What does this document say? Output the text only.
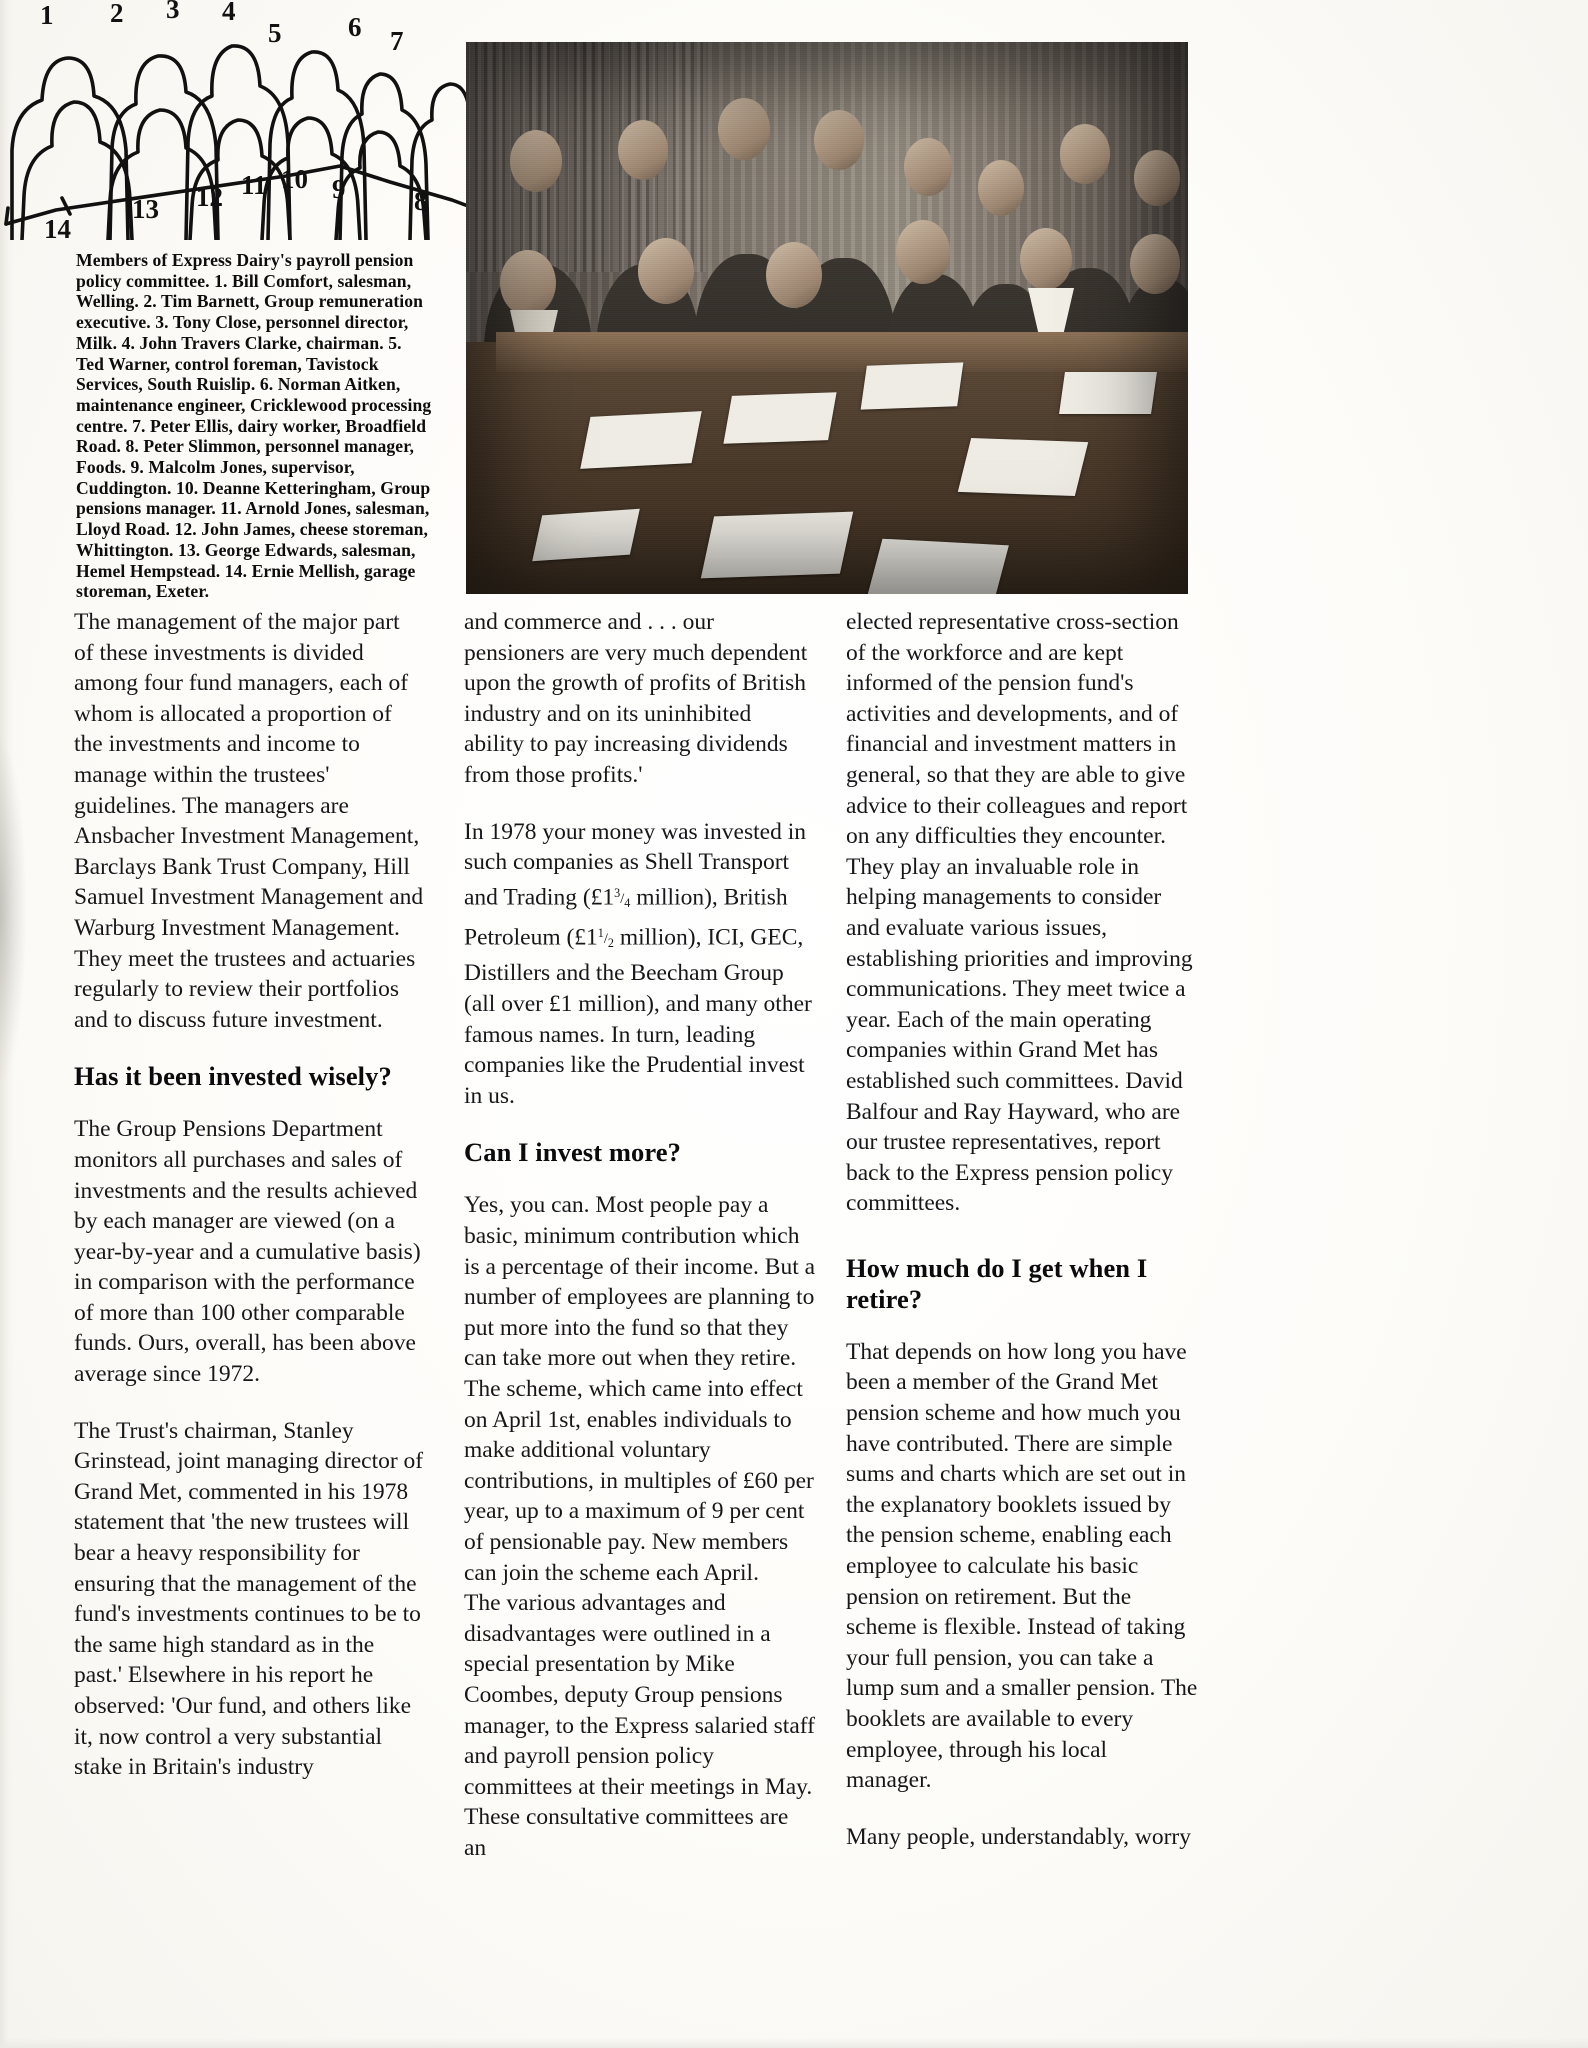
1 2 3 4
5 6 7
8
9
10
11
12
13
14
Members of Express Dairy's payroll pension policy committee. 1. Bill Comfort, salesman, Welling. 2. Tim Barnett, Group remuneration executive. 3. Tony Close, personnel director, Milk. 4. John Travers Clarke, chairman. 5. Ted Warner, control foreman, Tavistock Services, South Ruislip. 6. Norman Aitken, maintenance engineer, Cricklewood processing centre. 7. Peter Ellis, dairy worker, Broadfield Road. 8. Peter Slimmon, personnel manager, Foods. 9. Malcolm Jones, supervisor, Cuddington. 10. Deanne Ketteringham, Group pensions manager. 11. Arnold Jones, salesman, Lloyd Road. 12. John James, cheese storeman, Whittington. 13. George Edwards, salesman, Hemel Hempstead. 14. Ernie Mellish, garage storeman, Exeter.

The management of the major part of these investments is divided among four fund managers, each of whom is allocated a proportion of the investments and income to manage within the trustees' guidelines. The managers are Ansbacher Investment Management, Barclays Bank Trust Company, Hill Samuel Investment Management and Warburg Investment Management. They meet the trustees and actuaries regularly to review their portfolios and to discuss future investment.

Has it been invested wisely?

The Group Pensions Department monitors all purchases and sales of investments and the results achieved by each manager are viewed (on a year-by-year and a cumulative basis) in comparison with the performance of more than 100 other comparable funds. Ours, overall, has been above average since 1972.

The Trust's chairman, Stanley Grinstead, joint managing director of Grand Met, commented in his 1978 statement that 'the new trustees will bear a heavy responsibility for ensuring that the management of the fund's investments continues to be to the same high standard as in the past.' Elsewhere in his report he observed: 'Our fund, and others like it, now control a very substantial stake in Britain's industry

and commerce and . . . our pensioners are very much dependent upon the growth of profits of British industry and on its uninhibited ability to pay increasing dividends from those profits.'

In 1978 your money was invested in such companies as Shell Transport and Trading ($£1^3/_4$ million), British Petroleum ($£1^1/_2$ million), ICI, GEC, Distillers and the Beecham Group (all over £1 million), and many other famous names. In turn, leading companies like the Prudential invest in us.

Can I invest more?

Yes, you can. Most people pay a basic, minimum contribution which is a percentage of their income. But a number of employees are planning to put more into the fund so that they can take more out when they retire. The scheme, which came into effect on April 1st, enables individuals to make additional voluntary contributions, in multiples of £60 per year, up to a maximum of 9 per cent of pensionable pay. New members can join the scheme each April.

The various advantages and disadvantages were outlined in a special presentation by Mike Coombes, deputy Group pensions manager, to the Express salaried staff and payroll pension policy committees at their meetings in May. These consultative committees are an

elected representative cross-section of the workforce and are kept informed of the pension fund's activities and developments, and of financial and investment matters in general, so that they are able to give advice to their colleagues and report on any difficulties they encounter. They play an invaluable role in helping managements to consider and evaluate various issues, establishing priorities and improving communications. They meet twice a year. Each of the main operating companies within Grand Met has established such committees. David Balfour and Ray Hayward, who are our trustee representatives, report back to the Express pension policy committees.

How much do I get when I retire?

That depends on how long you have been a member of the Grand Met pension scheme and how much you have contributed. There are simple sums and charts which are set out in the explanatory booklets issued by the pension scheme, enabling each employee to calculate his basic pension on retirement. But the scheme is flexible. Instead of taking your full pension, you can take a lump sum and a smaller pension. The booklets are available to every employee, through his local manager.

Many people, understandably, worry
